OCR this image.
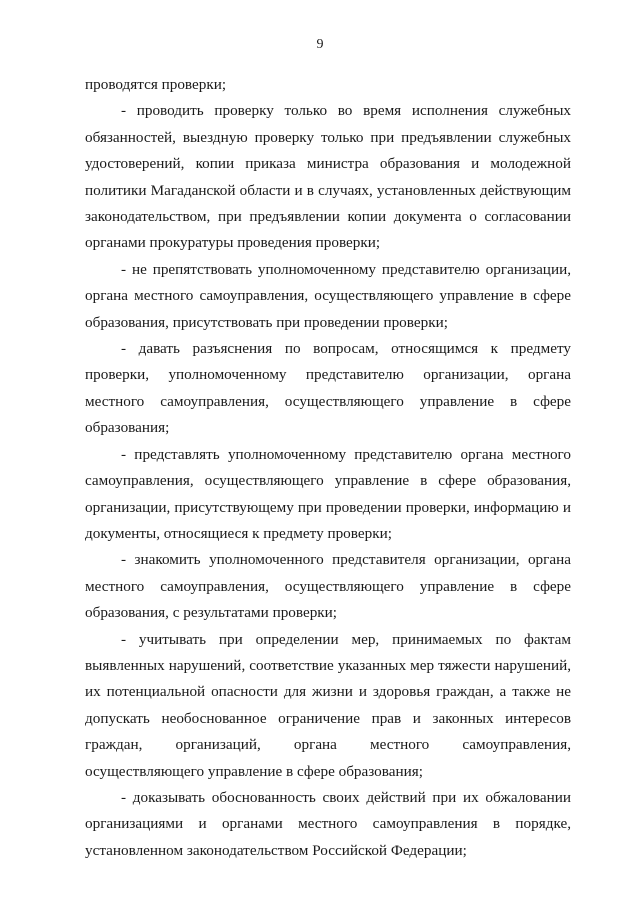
9

проводятся проверки;

- проводить проверку только во время исполнения служебных обязанностей, выездную проверку только при предъявлении служебных удостоверений, копии приказа министра образования и молодежной политики Магаданской области и в случаях, установленных действующим законодательством, при предъявлении копии документа о согласовании органами прокуратуры проведения проверки;

- не препятствовать уполномоченному представителю организации, органа местного самоуправления, осуществляющего управление в сфере образования, присутствовать при проведении проверки;

- давать разъяснения по вопросам, относящимся к предмету проверки, уполномоченному представителю организации, органа местного самоуправления, осуществляющего управление в сфере образования;

- представлять уполномоченному представителю органа местного самоуправления, осуществляющего управление в сфере образования, организации, присутствующему при проведении проверки, информацию и документы, относящиеся к предмету проверки;

- знакомить уполномоченного представителя организации, органа местного самоуправления, осуществляющего управление в сфере образования, с результатами проверки;

- учитывать при определении мер, принимаемых по фактам выявленных нарушений, соответствие указанных мер тяжести нарушений, их потенциальной опасности для жизни и здоровья граждан, а также не допускать необоснованное ограничение прав и законных интересов граждан, организаций, органа местного самоуправления, осуществляющего управление в сфере образования;

- доказывать обоснованность своих действий при их обжаловании организациями и органами местного самоуправления в порядке, установленном законодательством Российской Федерации;
